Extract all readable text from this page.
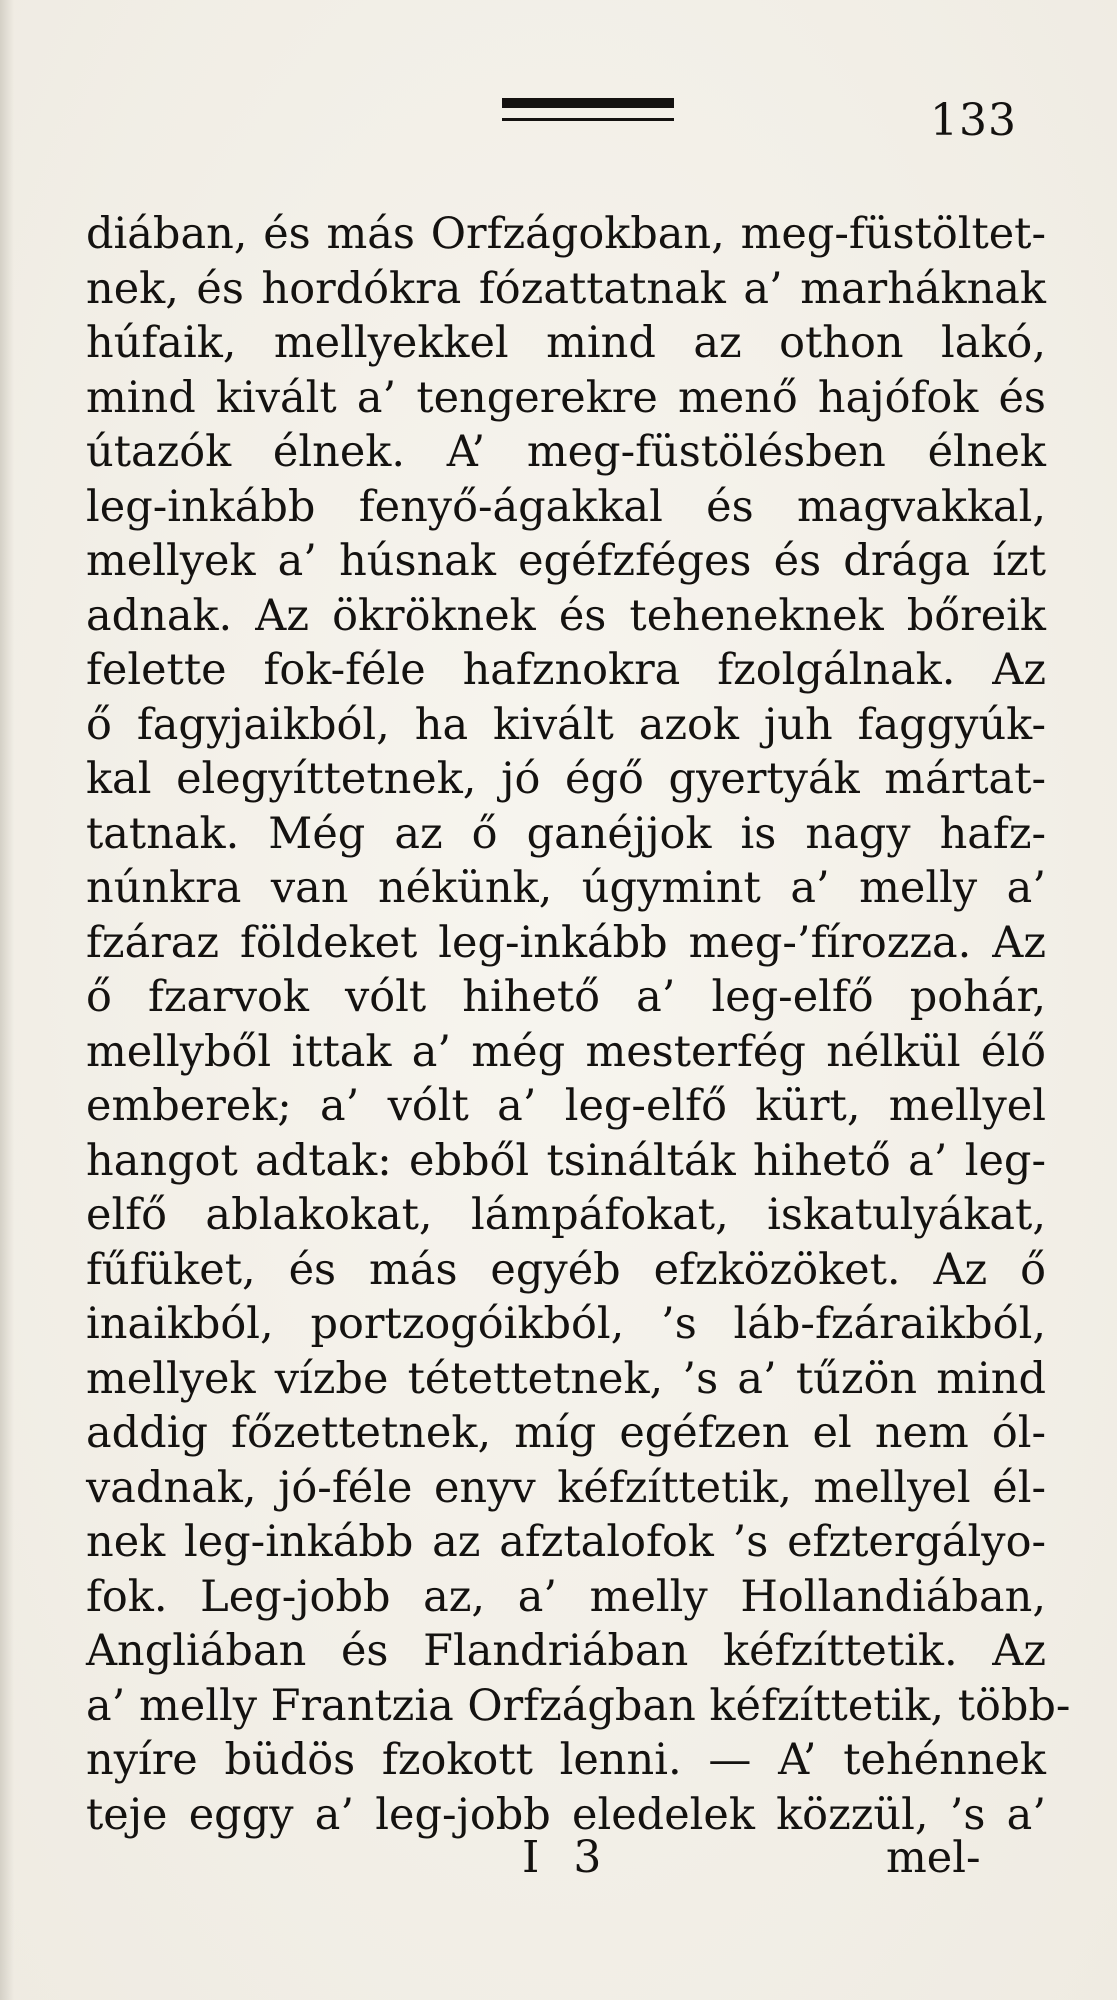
133
diában, és más Orfzágokban, meg-füstöltet-
nek, és hordókra fózattatnak a’ marháknak
húfaik, mellyekkel mind az othon lakó,
mind kivált a’ tengerekre menő hajófok és
útazók élnek. A’ meg-füstölésben élnek
leg-inkább fenyő-ágakkal és magvakkal,
mellyek a’ húsnak egéfzféges és drága ízt
adnak. Az ökröknek és teheneknek bőreik
felette fok-féle hafznokra fzolgálnak. Az
ő fagyjaikból, ha kivált azok juh faggyúk-
kal elegyíttetnek, jó égő gyertyák mártat-
tatnak. Még az ő ganéjjok is nagy hafz-
núnkra van nékünk, úgymint a’ melly a’
fzáraz földeket leg-inkább meg-’fírozza. Az
ő fzarvok vólt hihető a’ leg-elfő pohár,
mellyből ittak a’ még mesterfég nélkül élő
emberek; a’ vólt a’ leg-elfő kürt, mellyel
hangot adtak: ebből tsinálták hihető a’ leg-
elfő ablakokat, lámpáfokat, iskatulyákat,
fűfüket, és más egyéb efzközöket. Az ő
inaikból, portzogóikból, ’s láb-fzáraikból,
mellyek vízbe tétettetnek, ’s a’ tűzön mind
addig főzettetnek, míg egéfzen el nem ól-
vadnak, jó-féle enyv kéfzíttetik, mellyel él-
nek leg-inkább az afztalofok ’s efztergályo-
fok. Leg-jobb az, a’ melly Hollandiában,
Angliában és Flandriában kéfzíttetik. Az
a’ melly Frantzia Orfzágban kéfzíttetik, több-
nyíre büdös fzokott lenni. — A’ tehénnek
teje eggy a’ leg-jobb eledelek közzül, ’s a’
I 3	mel-
